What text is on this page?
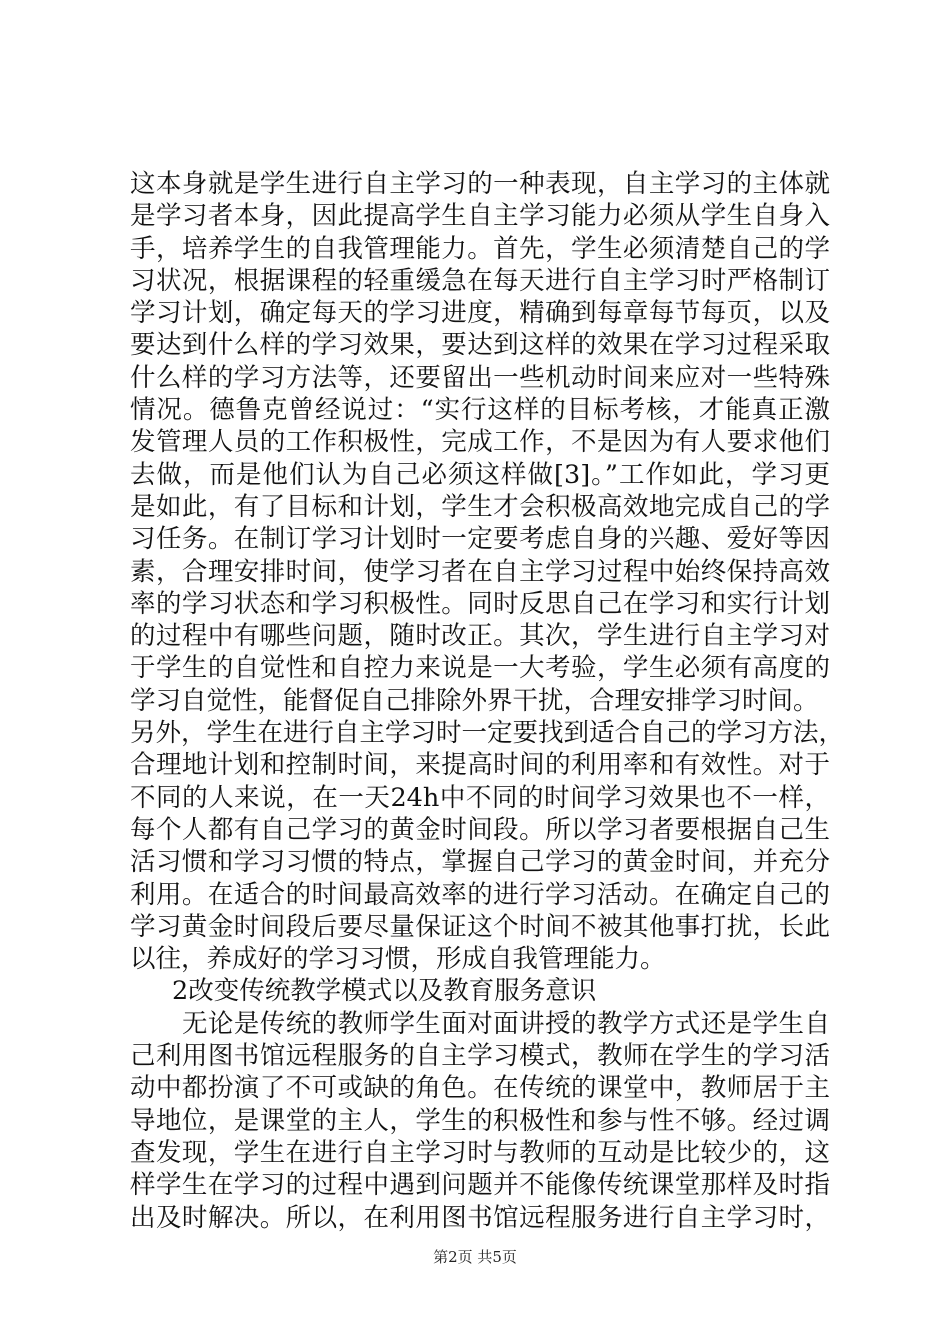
这本身就是学生进行自主学习的一种表现，自主学习的主体就
是学习者本身，因此提高学生自主学习能力必须从学生自身入
手，培养学生的自我管理能力。首先，学生必须清楚自己的学
习状况，根据课程的轻重缓急在每天进行自主学习时严格制订
学习计划，确定每天的学习进度，精确到每章每节每页，以及
要达到什么样的学习效果，要达到这样的效果在学习过程采取
什么样的学习方法等，还要留出一些机动时间来应对一些特殊
情况。德鲁克曾经说过：“实行这样的目标考核，才能真正激
发管理人员的工作积极性，完成工作，不是因为有人要求他们
去做，而是他们认为自己必须这样做[3]。”工作如此，学习更
是如此，有了目标和计划，学生才会积极高效地完成自己的学
习任务。在制订学习计划时一定要考虑自身的兴趣、爱好等因
素，合理安排时间，使学习者在自主学习过程中始终保持高效
率的学习状态和学习积极性。同时反思自己在学习和实行计划
的过程中有哪些问题，随时改正。其次，学生进行自主学习对
于学生的自觉性和自控力来说是一大考验，学生必须有高度的
学习自觉性，能督促自己排除外界干扰，合理安排学习时间。
另外，学生在进行自主学习时一定要找到适合自己的学习方法，
合理地计划和控制时间，来提高时间的利用率和有效性。对于
不同的人来说，在一天24h中不同的时间学习效果也不一样，
每个人都有自己学习的黄金时间段。所以学习者要根据自己生
活习惯和学习习惯的特点，掌握自己学习的黄金时间，并充分
利用。在适合的时间最高效率的进行学习活动。在确定自己的
学习黄金时间段后要尽量保证这个时间不被其他事打扰，长此
以往，养成好的学习习惯，形成自我管理能力。
2改变传统教学模式以及教育服务意识
无论是传统的教师学生面对面讲授的教学方式还是学生自
己利用图书馆远程服务的自主学习模式，教师在学生的学习活
动中都扮演了不可或缺的角色。在传统的课堂中，教师居于主
导地位，是课堂的主人，学生的积极性和参与性不够。经过调
查发现，学生在进行自主学习时与教师的互动是比较少的，这
样学生在学习的过程中遇到问题并不能像传统课堂那样及时指
出及时解决。所以，在利用图书馆远程服务进行自主学习时，
第2页 共5页
